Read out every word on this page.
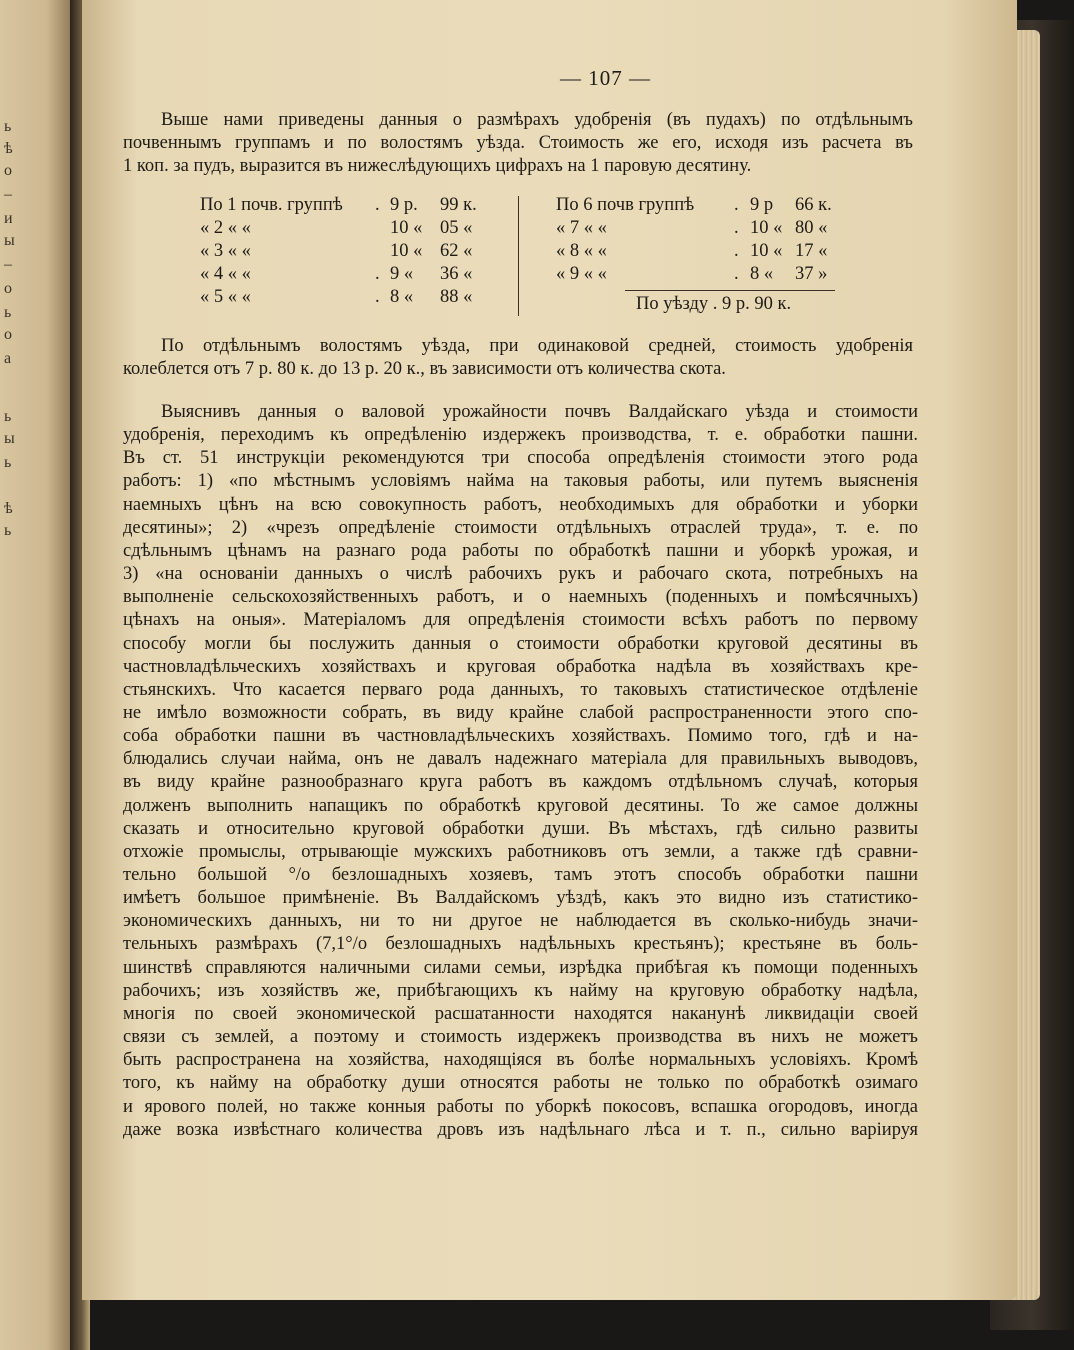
ь
ѣ
о
–
и
ы
–
о
ь
о
а
ь
ы
ь
ѣ
ь
— 107 —
Выше нами приведены данныя о размѣрахъ удобренія (въ пудахъ) по отдѣльнымъ
почвеннымъ группамъ и по волостямъ уѣзда. Стоимость же его, исходя изъ расчета въ
1 коп. за пудъ, выразится въ нижеслѣдующихъ цифрахъ на 1 паровую десятину.
По 1 почв. группѣ . 9 р. 99 к.
« 2 « «	10 « 05 «
« 3 « «	10 « 62 «
« 4 « «	. 9 « 36 «
« 5 « «	. 8 « 88 «
По 6 почв группѣ . 9 р 66 к.
« 7 « «	. 10 « 80 «
« 8 « «	. 10 « 17 «
« 9 « «	. 8 « 37 »
По уѣзду . 9 р. 90 к.
По отдѣльнымъ волостямъ уѣзда, при одинаковой средней, стоимость удобренія
колеблется отъ 7 р. 80 к. до 13 р. 20 к., въ зависимости отъ количества скота.
Выяснивъ данныя о валовой урожайности почвъ Валдайскаго уѣзда и стоимости
удобренія, переходимъ къ опредѣленію издержекъ производства, т. е. обработки пашни.
Въ ст. 51 инструкціи рекомендуются три способа опредѣленія стоимости этого рода
работъ: 1) «по мѣстнымъ условіямъ найма на таковыя работы, или путемъ выясненія
наемныхъ цѣнъ на всю совокупность работъ, необходимыхъ для обработки и уборки
десятины»; 2) «чрезъ опредѣленіе стоимости отдѣльныхъ отраслей труда», т. е. по
сдѣльнымъ цѣнамъ на разнаго рода работы по обработкѣ пашни и уборкѣ урожая, и
3) «на основаніи данныхъ о числѣ рабочихъ рукъ и рабочаго скота, потребныхъ на
выполненіе сельскохозяйственныхъ работъ, и о наемныхъ (поденныхъ и помѣсячныхъ)
цѣнахъ на оныя». Матеріаломъ для опредѣленія стоимости всѣхъ работъ по первому
способу могли бы послужить данныя о стоимости обработки круговой десятины въ
частновладѣльческихъ хозяйствахъ и круговая обработка надѣла въ хозяйствахъ кре-
стьянскихъ. Что касается перваго рода данныхъ, то таковыхъ статистическое отдѣленіе
не имѣло возможности собрать, въ виду крайне слабой распространенности этого спо-
соба обработки пашни въ частновладѣльческихъ хозяйствахъ. Помимо того, гдѣ и на-
блюдались случаи найма, онъ не давалъ надежнаго матеріала для правильныхъ выводовъ,
въ виду крайне разнообразнаго круга работъ въ каждомъ отдѣльномъ случаѣ, которыя
долженъ выполнить напащикъ по обработкѣ круговой десятины. То же самое должны
сказать и относительно круговой обработки души. Въ мѣстахъ, гдѣ сильно развиты
отхожіе промыслы, отрывающіе мужскихъ работниковъ отъ земли, а также гдѣ сравни-
тельно большой °/о безлошадныхъ хозяевъ, тамъ этотъ способъ обработки пашни
имѣетъ большое примѣненіе. Въ Валдайскомъ уѣздѣ, какъ это видно изъ статистико-
экономическихъ данныхъ, ни то ни другое не наблюдается въ сколько-нибудь значи-
тельныхъ размѣрахъ (7,1°/о безлошадныхъ надѣльныхъ крестьянъ); крестьяне въ боль-
шинствѣ справляются наличными силами семьи, изрѣдка прибѣгая къ помощи поденныхъ
рабочихъ; изъ хозяйствъ же, прибѣгающихъ къ найму на круговую обработку надѣла,
многія по своей экономической расшатанности находятся наканунѣ ликвидаціи своей
связи съ землей, а поэтому и стоимость издержекъ производства въ нихъ не можетъ
быть распространена на хозяйства, находящіяся въ болѣе нормальныхъ условіяхъ. Кромѣ
того, къ найму на обработку души относятся работы не только по обработкѣ озимаго
и ярового полей, но также конныя работы по уборкѣ покосовъ, вспашка огородовъ, иногда
даже возка извѣстнаго количества дровъ изъ надѣльнаго лѣса и т. п., сильно варіируя
